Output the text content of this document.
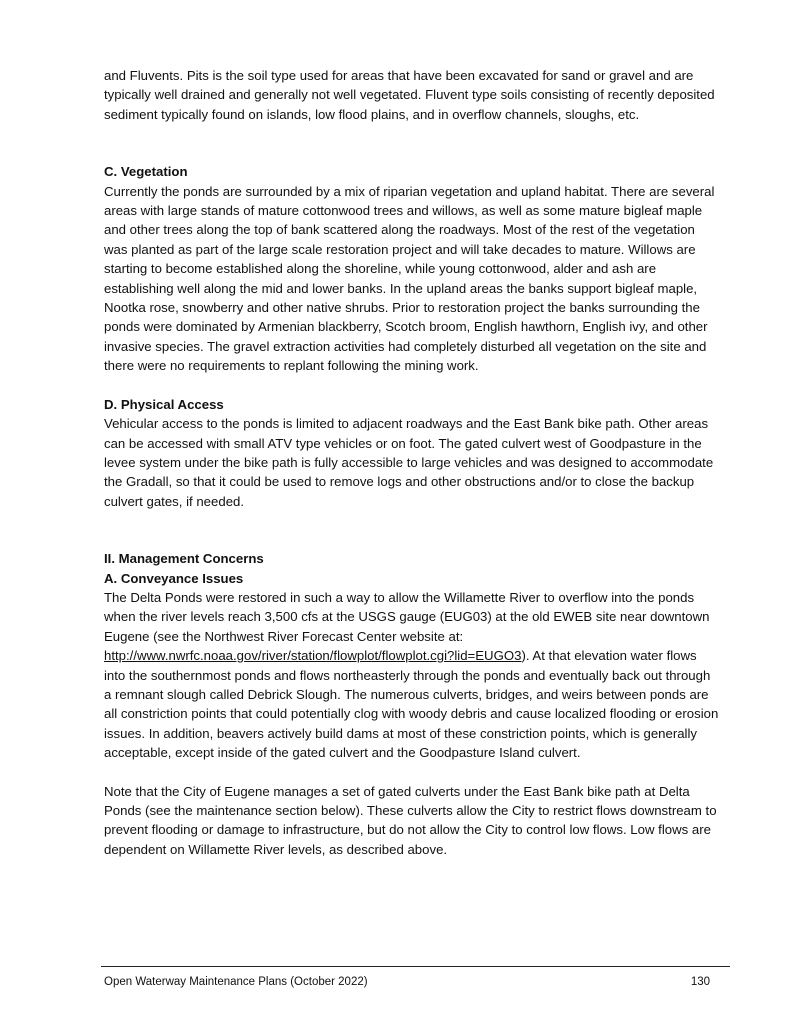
and Fluvents. Pits is the soil type used for areas that have been excavated for sand or gravel and are typically well drained and generally not well vegetated. Fluvent type soils consisting of recently deposited sediment typically found on islands, low flood plains, and in overflow channels, sloughs, etc.

C. Vegetation

Currently the ponds are surrounded by a mix of riparian vegetation and upland habitat. There are several areas with large stands of mature cottonwood trees and willows, as well as some mature bigleaf maple and other trees along the top of bank scattered along the roadways. Most of the rest of the vegetation was planted as part of the large scale restoration project and will take decades to mature. Willows are starting to become established along the shoreline, while young cottonwood, alder and ash are establishing well along the mid and lower banks. In the upland areas the banks support bigleaf maple, Nootka rose, snowberry and other native shrubs. Prior to restoration project the banks surrounding the ponds were dominated by Armenian blackberry, Scotch broom, English hawthorn, English ivy, and other invasive species. The gravel extraction activities had completely disturbed all vegetation on the site and there were no requirements to replant following the mining work.

D. Physical Access

Vehicular access to the ponds is limited to adjacent roadways and the East Bank bike path. Other areas can be accessed with small ATV type vehicles or on foot. The gated culvert west of Goodpasture in the levee system under the bike path is fully accessible to large vehicles and was designed to accommodate the Gradall, so that it could be used to remove logs and other obstructions and/or to close the backup culvert gates, if needed.

II. Management Concerns

A. Conveyance Issues

The Delta Ponds were restored in such a way to allow the Willamette River to overflow into the ponds when the river levels reach 3,500 cfs at the USGS gauge (EUG03) at the old EWEB site near downtown Eugene (see the Northwest River Forecast Center website at: http://www.nwrfc.noaa.gov/river/station/flowplot/flowplot.cgi?lid=EUGO3). At that elevation water flows into the southernmost ponds and flows northeasterly through the ponds and eventually back out through a remnant slough called Debrick Slough. The numerous culverts, bridges, and weirs between ponds are all constriction points that could potentially clog with woody debris and cause localized flooding or erosion issues. In addition, beavers actively build dams at most of these constriction points, which is generally acceptable, except inside of the gated culvert and the Goodpasture Island culvert.

Note that the City of Eugene manages a set of gated culverts under the East Bank bike path at Delta Ponds (see the maintenance section below). These culverts allow the City to restrict flows downstream to prevent flooding or damage to infrastructure, but do not allow the City to control low flows. Low flows are dependent on Willamette River levels, as described above.

Open Waterway Maintenance Plans (October 2022)	130
